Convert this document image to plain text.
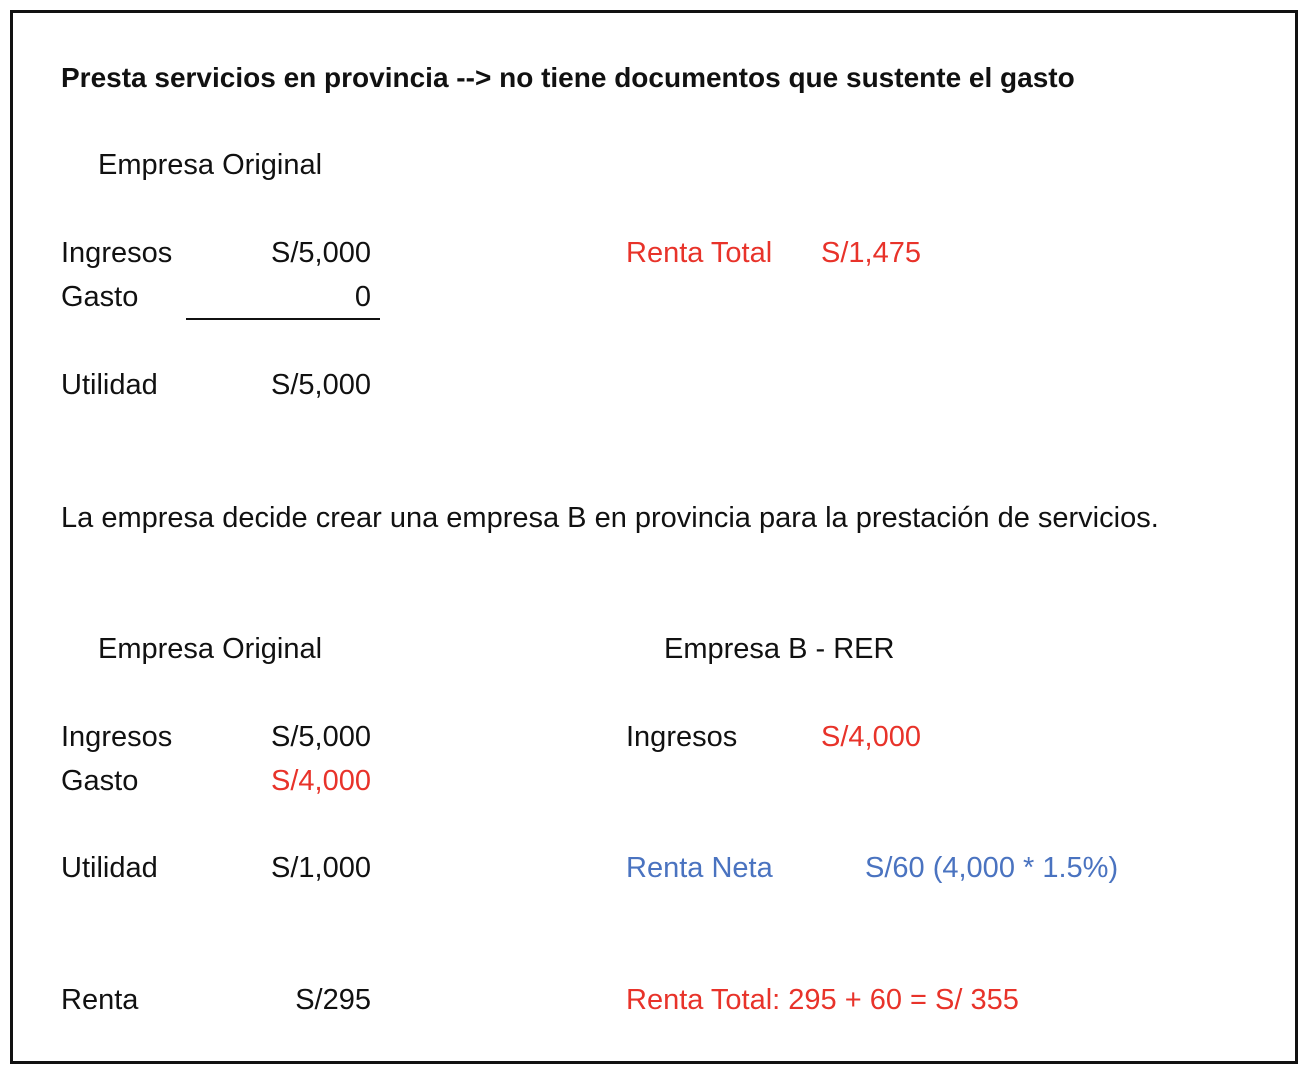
Presta servicios en provincia --> no tiene documentos que sustente el gasto
Empresa Original
Ingresos	S/5,000
Gasto	0
Utilidad	S/5,000
Renta Total S/1,475
La empresa decide crear una empresa B en provincia para la prestación de servicios.
Empresa Original
Ingresos	S/5,000
Gasto	S/4,000
Utilidad	S/1,000
Renta	S/295
Empresa B - RER
Ingresos	S/4,000
Renta Neta	S/60 (4,000 * 1.5%)
Renta Total: 295 + 60 = S/ 355
